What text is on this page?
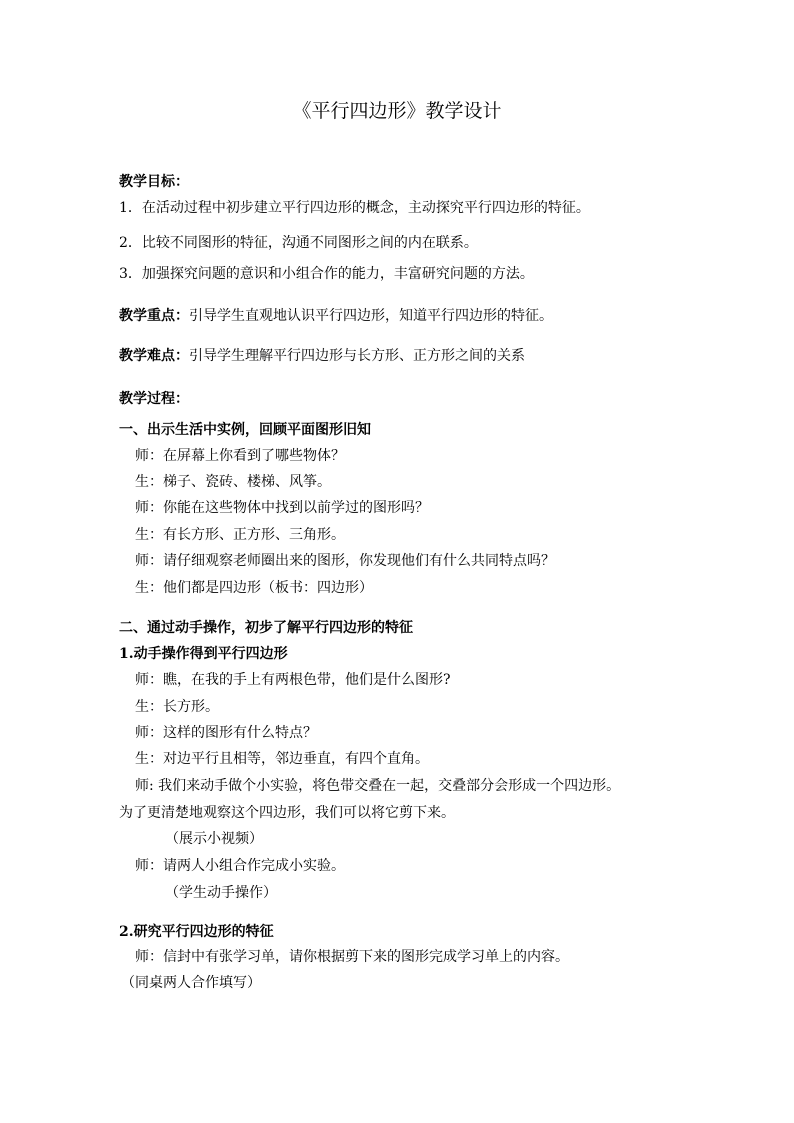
《平行四边形》教学设计
教学目标：
1．在活动过程中初步建立平行四边形的概念，主动探究平行四边形的特征。
2．比较不同图形的特征，沟通不同图形之间的内在联系。
3．加强探究问题的意识和小组合作的能力，丰富研究问题的方法。
教学重点：引导学生直观地认识平行四边形，知道平行四边形的特征。
教学难点：引导学生理解平行四边形与长方形、正方形之间的关系
教学过程：
一、出示生活中实例，回顾平面图形旧知
师：在屏幕上你看到了哪些物体？
生：梯子、瓷砖、楼梯、风筝。
师：你能在这些物体中找到以前学过的图形吗？
生：有长方形、正方形、三角形。
师：请仔细观察老师圈出来的图形，你发现他们有什么共同特点吗？
生：他们都是四边形（板书：四边形）
二、通过动手操作，初步了解平行四边形的特征
1.动手操作得到平行四边形
师：瞧，在我的手上有两根色带，他们是什么图形?
生：长方形。
师：这样的图形有什么特点？
生：对边平行且相等，邻边垂直，有四个直角。
师: 我们来动手做个小实验，将色带交叠在一起，交叠部分会形成一个四边形。
为了更清楚地观察这个四边形，我们可以将它剪下来。
（展示小视频）
师：请两人小组合作完成小实验。
（学生动手操作）
2.研究平行四边形的特征
师：信封中有张学习单，请你根据剪下来的图形完成学习单上的内容。
（同桌两人合作填写）
